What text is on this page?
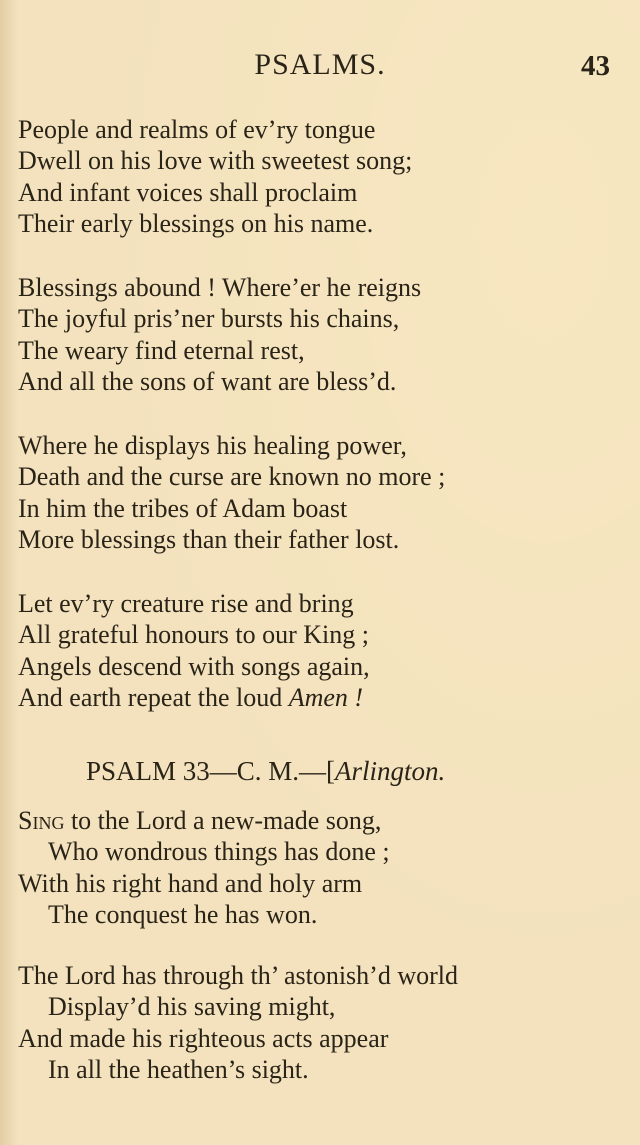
PSALMS.	43
People and realms of ev’ry tongue
Dwell on his love with sweetest song;
And infant voices shall proclaim
Their early blessings on his name.
Blessings abound ! Where’er he reigns
The joyful pris’ner bursts his chains,
The weary find eternal rest,
And all the sons of want are bless’d.
Where he displays his healing power,
Death and the curse are known no more ;
In him the tribes of Adam boast
More blessings than their father lost.
Let ev’ry creature rise and bring
All grateful honours to our King ;
Angels descend with songs again,
And earth repeat the loud Amen !
PSALM 33—C. M.—[Arlington.
Sing to the Lord a new-made song,
Who wondrous things has done ;
With his right hand and holy arm
The conquest he has won.
The Lord has through th’ astonish’d world
Display’d his saving might,
And made his righteous acts appear
In all the heathen’s sight.
